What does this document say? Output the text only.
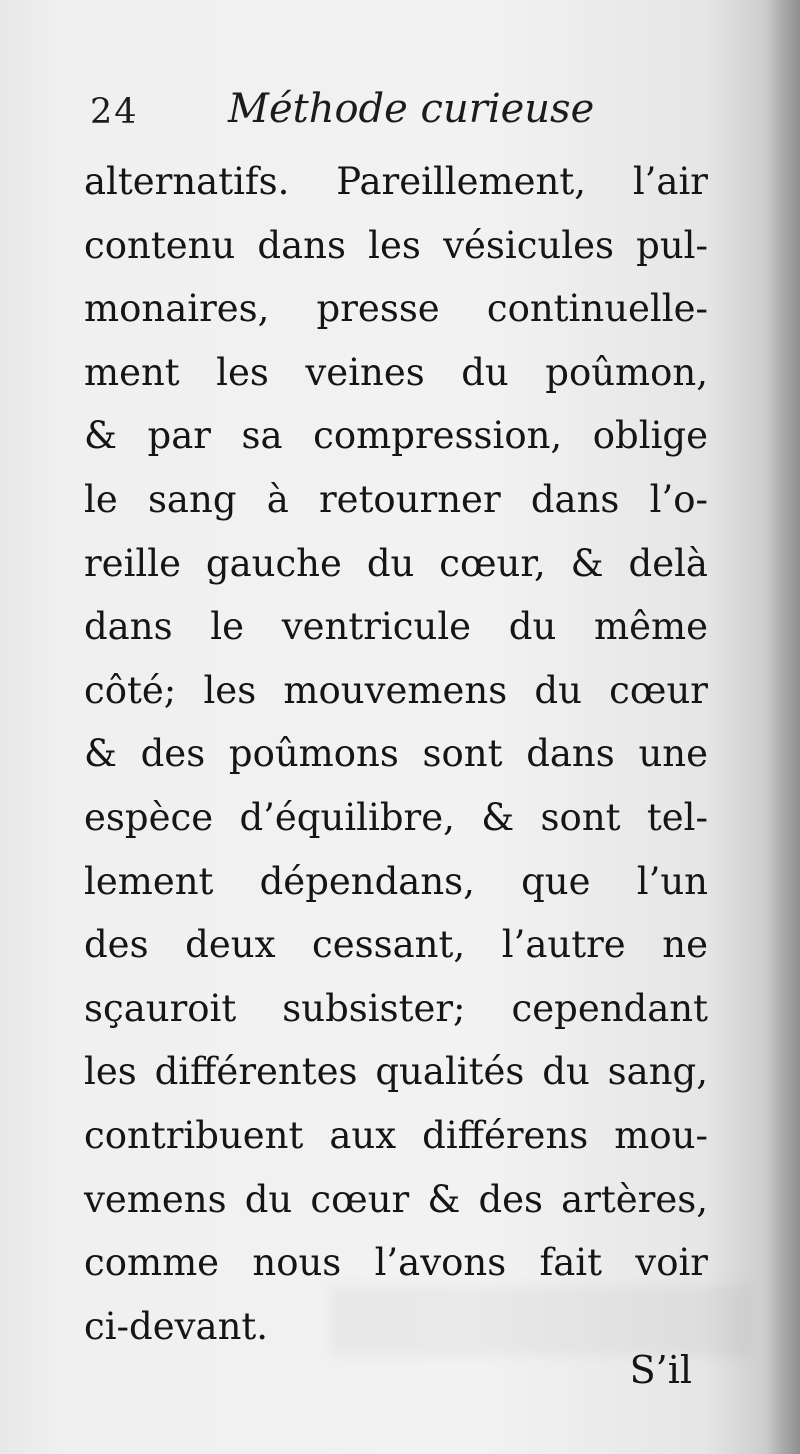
24 Méthode curieuse
alternatifs. Pareillement, l’air
contenu dans les vésicules pul-
monaires, presse continuelle-
ment les veines du poûmon,
& par sa compression, oblige
le sang à retourner dans l’o-
reille gauche du cœur, & delà
dans le ventricule du même
côté; les mouvemens du cœur
& des poûmons sont dans une
espèce d’équilibre, & sont tel-
lement dépendans, que l’un
des deux cessant, l’autre ne
sçauroit subsister; cependant
les différentes qualités du sang,
contribuent aux différens mou-
vemens du cœur & des artères,
comme nous l’avons fait voir
ci-devant.
S’il
